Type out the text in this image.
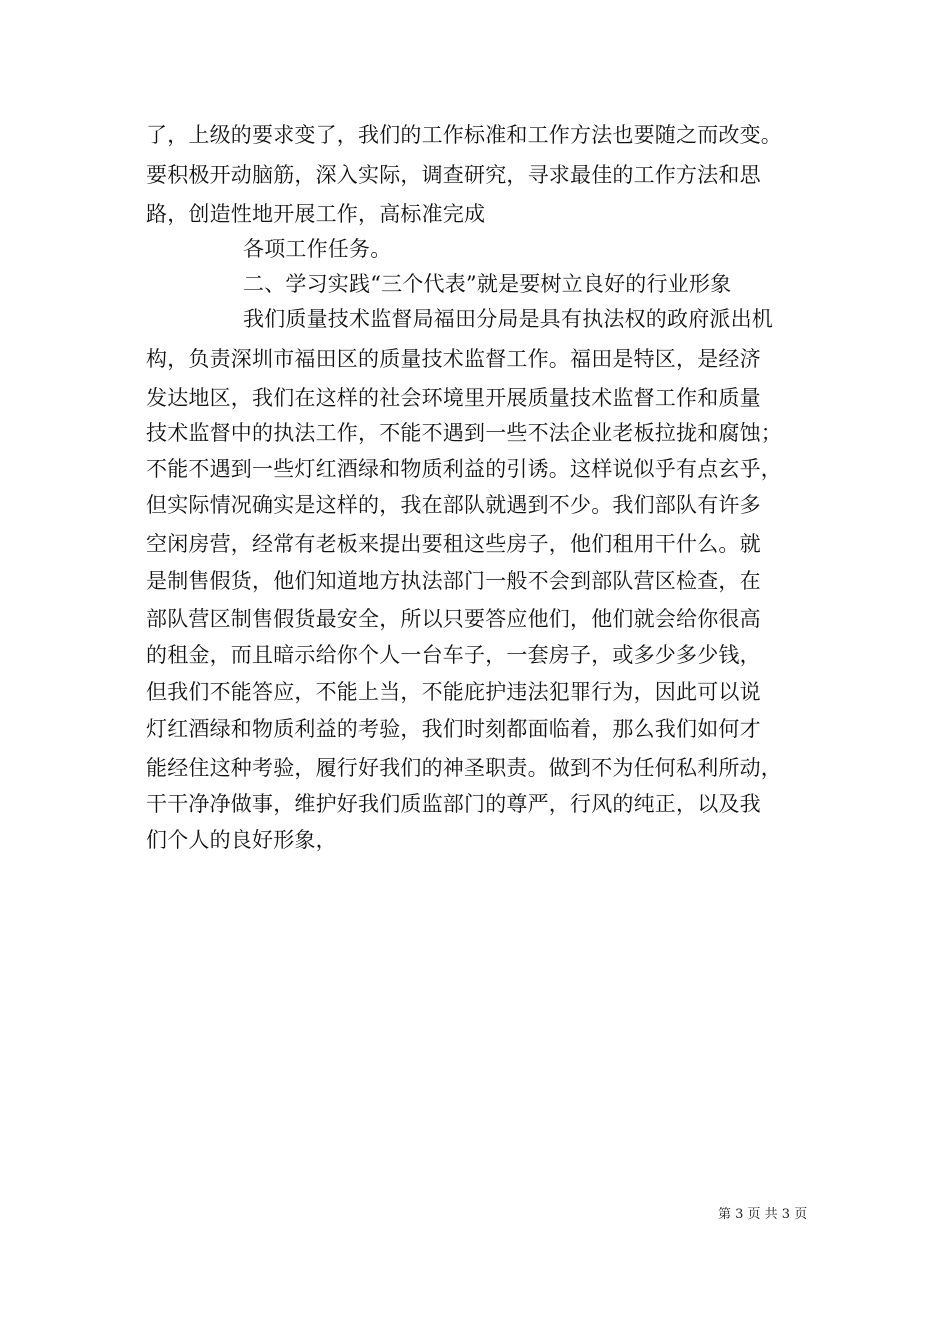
了，上级的要求变了，我们的工作标准和工作方法也要随之而改变。
要积极开动脑筋，深入实际，调查研究，寻求最佳的工作方法和思
路，创造性地开展工作，高标准完成
各项工作任务。
二、学习实践“三个代表”就是要树立良好的行业形象
我们质量技术监督局福田分局是具有执法权的政府派出机
构，负责深圳市福田区的质量技术监督工作。福田是特区，是经济
发达地区，我们在这样的社会环境里开展质量技术监督工作和质量
技术监督中的执法工作，不能不遇到一些不法企业老板拉拢和腐蚀；
不能不遇到一些灯红酒绿和物质利益的引诱。这样说似乎有点玄乎，
但实际情况确实是这样的，我在部队就遇到不少。我们部队有许多
空闲房营，经常有老板来提出要租这些房子，他们租用干什么。就
是制售假货，他们知道地方执法部门一般不会到部队营区检查，在
部队营区制售假货最安全，所以只要答应他们，他们就会给你很高
的租金，而且暗示给你个人一台车子，一套房子，或多少多少钱，
但我们不能答应，不能上当，不能庇护违法犯罪行为，因此可以说
灯红酒绿和物质利益的考验，我们时刻都面临着，那么我们如何才
能经住这种考验，履行好我们的神圣职责。做到不为任何私利所动，
干干净净做事，维护好我们质监部门的尊严，行风的纯正，以及我
们个人的良好形象，
第 3 页 共 3 页
